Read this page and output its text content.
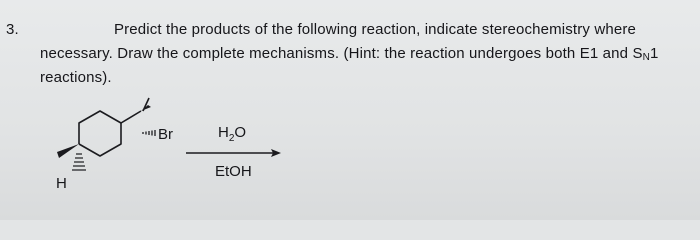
3.	Predict the products of the following reaction, indicate stereochemistry where
necessary. Draw the complete mechanisms. (Hint: the reaction undergoes both E1 and $S_N1$
reactions).
Br
H
$H_2O$
EtOH
